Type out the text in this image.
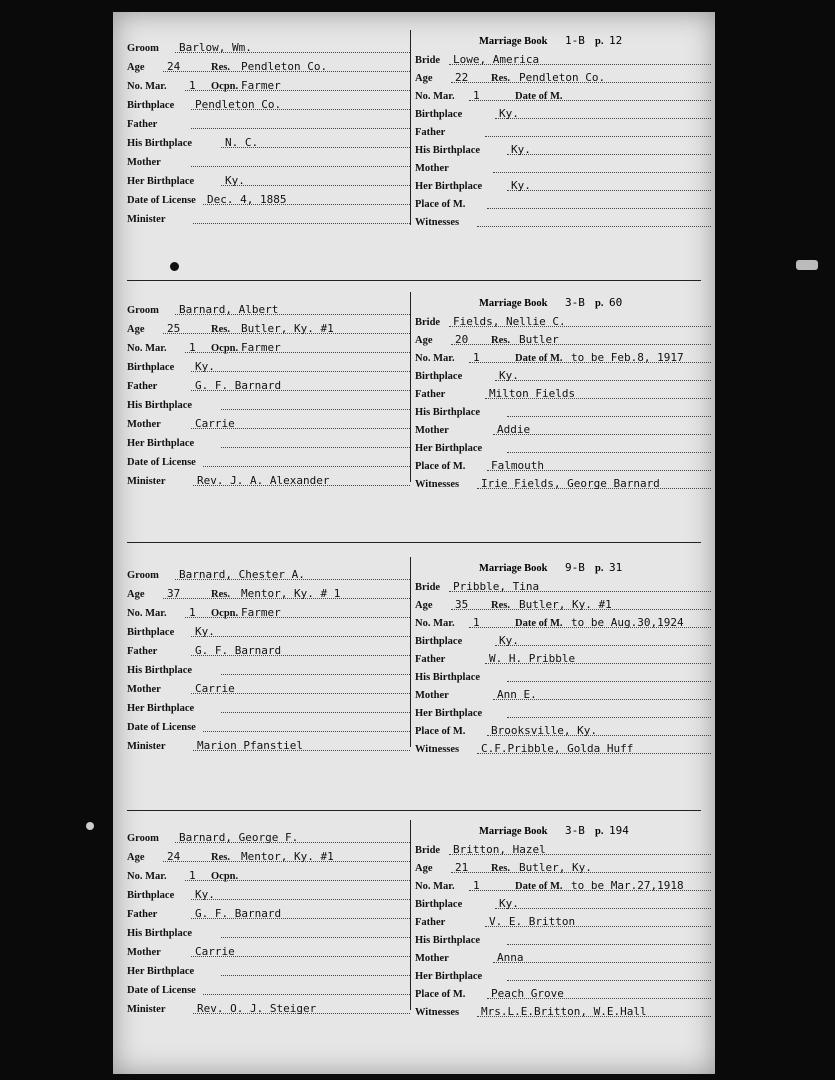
Groom Barlow, Wm.
Age 24	Res. Pendleton Co.
No. Mar. 1 Ocpn. Farmer
Birthplace Pendleton Co.
Father
His Birthplace	N. C.
Mother
Her Birthplace	Ky.
Date of License Dec. 4, 1885
Minister
Marriage Book 1-B p. 12
Bride Lowe, America
Age 22 Res. Pendleton Co.
No. Mar. 1	Date of M.
Birthplace	Ky.
Father
His Birthplace	Ky.
Mother
Her Birthplace	Ky.
Place of M.
Witnesses
Groom Barnard, Albert
Age 25	Res. Butler, Ky. #1
No. Mar. 1 Ocpn. Farmer
Birthplace Ky.
Father	G. F. Barnard
His Birthplace
Mother	Carrie
Her Birthplace
Date of License
Minister	Rev. J. A. Alexander
Marriage Book 3-B p. 60
Bride Fields, Nellie C.
Age 20 Res. Butler
No. Mar. 1	Date of M. to be Feb.8, 1917
Birthplace	Ky.
Father	Milton Fields
His Birthplace
Mother	Addie
Her Birthplace
Place of M. Falmouth
Witnesses Irie Fields, George Barnard
Groom Barnard, Chester A.
Age 37	Res. Mentor, Ky. # 1
No. Mar. 1 Ocpn. Farmer
Birthplace Ky.
Father	G. F. Barnard
His Birthplace
Mother	Carrie
Her Birthplace
Date of License
Minister	Marion Pfanstiel
Marriage Book 9-B p. 31
Bride Pribble, Tina
Age 35 Res. Butler, Ky. #1
No. Mar. 1	Date of M. to be Aug.30,1924
Birthplace	Ky.
Father	W. H. Pribble
His Birthplace
Mother	Ann E.
Her Birthplace
Place of M. Brooksville, Ky.
Witnesses C.F.Pribble, Golda Huff
Groom Barnard, George F.
Age 24	Res. Mentor, Ky. #1
No. Mar. 1 Ocpn.
Birthplace Ky.
Father	G. F. Barnard
His Birthplace
Mother	Carrie
Her Birthplace
Date of License
Minister	Rev. O. J. Steiger
Marriage Book 3-B p. 194
Bride Britton, Hazel
Age 21 Res. Butler, Ky.
No. Mar. 1	Date of M. to be Mar.27,1918
Birthplace	Ky.
Father	V. E. Britton
His Birthplace
Mother	Anna
Her Birthplace
Place of M. Peach Grove
Witnesses Mrs.L.E.Britton, W.E.Hall
